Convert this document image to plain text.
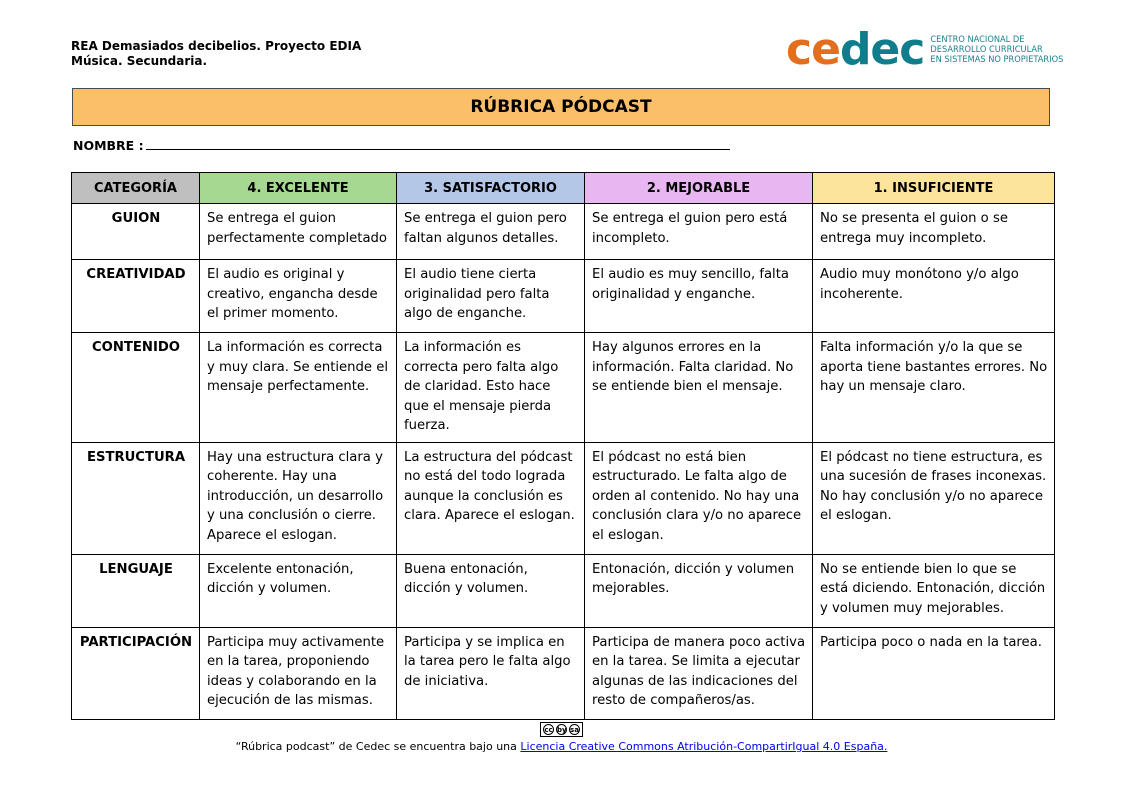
REA Demasiados decibelios. Proyecto EDIA
Música. Secundaria.	cedec CENTRO NACIONAL DE
DESARROLLO CURRICULAR
EN SISTEMAS NO PROPIETARIOS
RÚBRICA PÓDCAST
NOMBRE :
CATEGORÍA	4. EXCELENTE	3. SATISFACTORIO	2. MEJORABLE	1. INSUFICIENTE
GUION	Se entrega el guion perfectamente completado	Se entrega el guion pero faltan algunos detalles.	Se entrega el guion pero está incompleto.	No se presenta el guion o se entrega muy incompleto.
CREATIVIDAD	El audio es original y creativo, engancha desde el primer momento.	El audio tiene cierta originalidad pero falta algo de enganche.	El audio es muy sencillo, falta originalidad y enganche.	Audio muy monótono y/o algo incoherente.
CONTENIDO	La información es correcta y muy clara. Se entiende el mensaje perfectamente.	La información es correcta pero falta algo de claridad. Esto hace que el mensaje pierda fuerza.	Hay algunos errores en la información. Falta claridad. No se entiende bien el mensaje.	Falta información y/o la que se aporta tiene bastantes errores. No hay un mensaje claro.
ESTRUCTURA	Hay una estructura clara y coherente. Hay una introducción, un desarrollo y una conclusión o cierre. Aparece el eslogan.	La estructura del pódcast no está del todo lograda aunque la conclusión es clara. Aparece el eslogan.	El pódcast no está bien estructurado. Le falta algo de orden al contenido. No hay una conclusión clara y/o no aparece el eslogan.	El pódcast no tiene estructura, es una sucesión de frases inconexas. No hay conclusión y/o no aparece el eslogan.
LENGUAJE	Excelente entonación, dicción y volumen.	Buena entonación, dicción y volumen.	Entonación, dicción y volumen mejorables.	No se entiende bien lo que se está diciendo. Entonación, dicción y volumen muy mejorables.
PARTICIPACIÓN	Participa muy activamente en la tarea, proponiendo ideas y colaborando en la ejecución de las mismas.	Participa y se implica en la tarea pero le falta algo de iniciativa.	Participa de manera poco activa en la tarea. Se limita a ejecutar algunas de las indicaciones del resto de compañeros/as.	Participa poco o nada en la tarea.
cc by sa
“Rúbrica podcast” de Cedec se encuentra bajo una Licencia Creative Commons Atribución-CompartirIgual 4.0 España.
